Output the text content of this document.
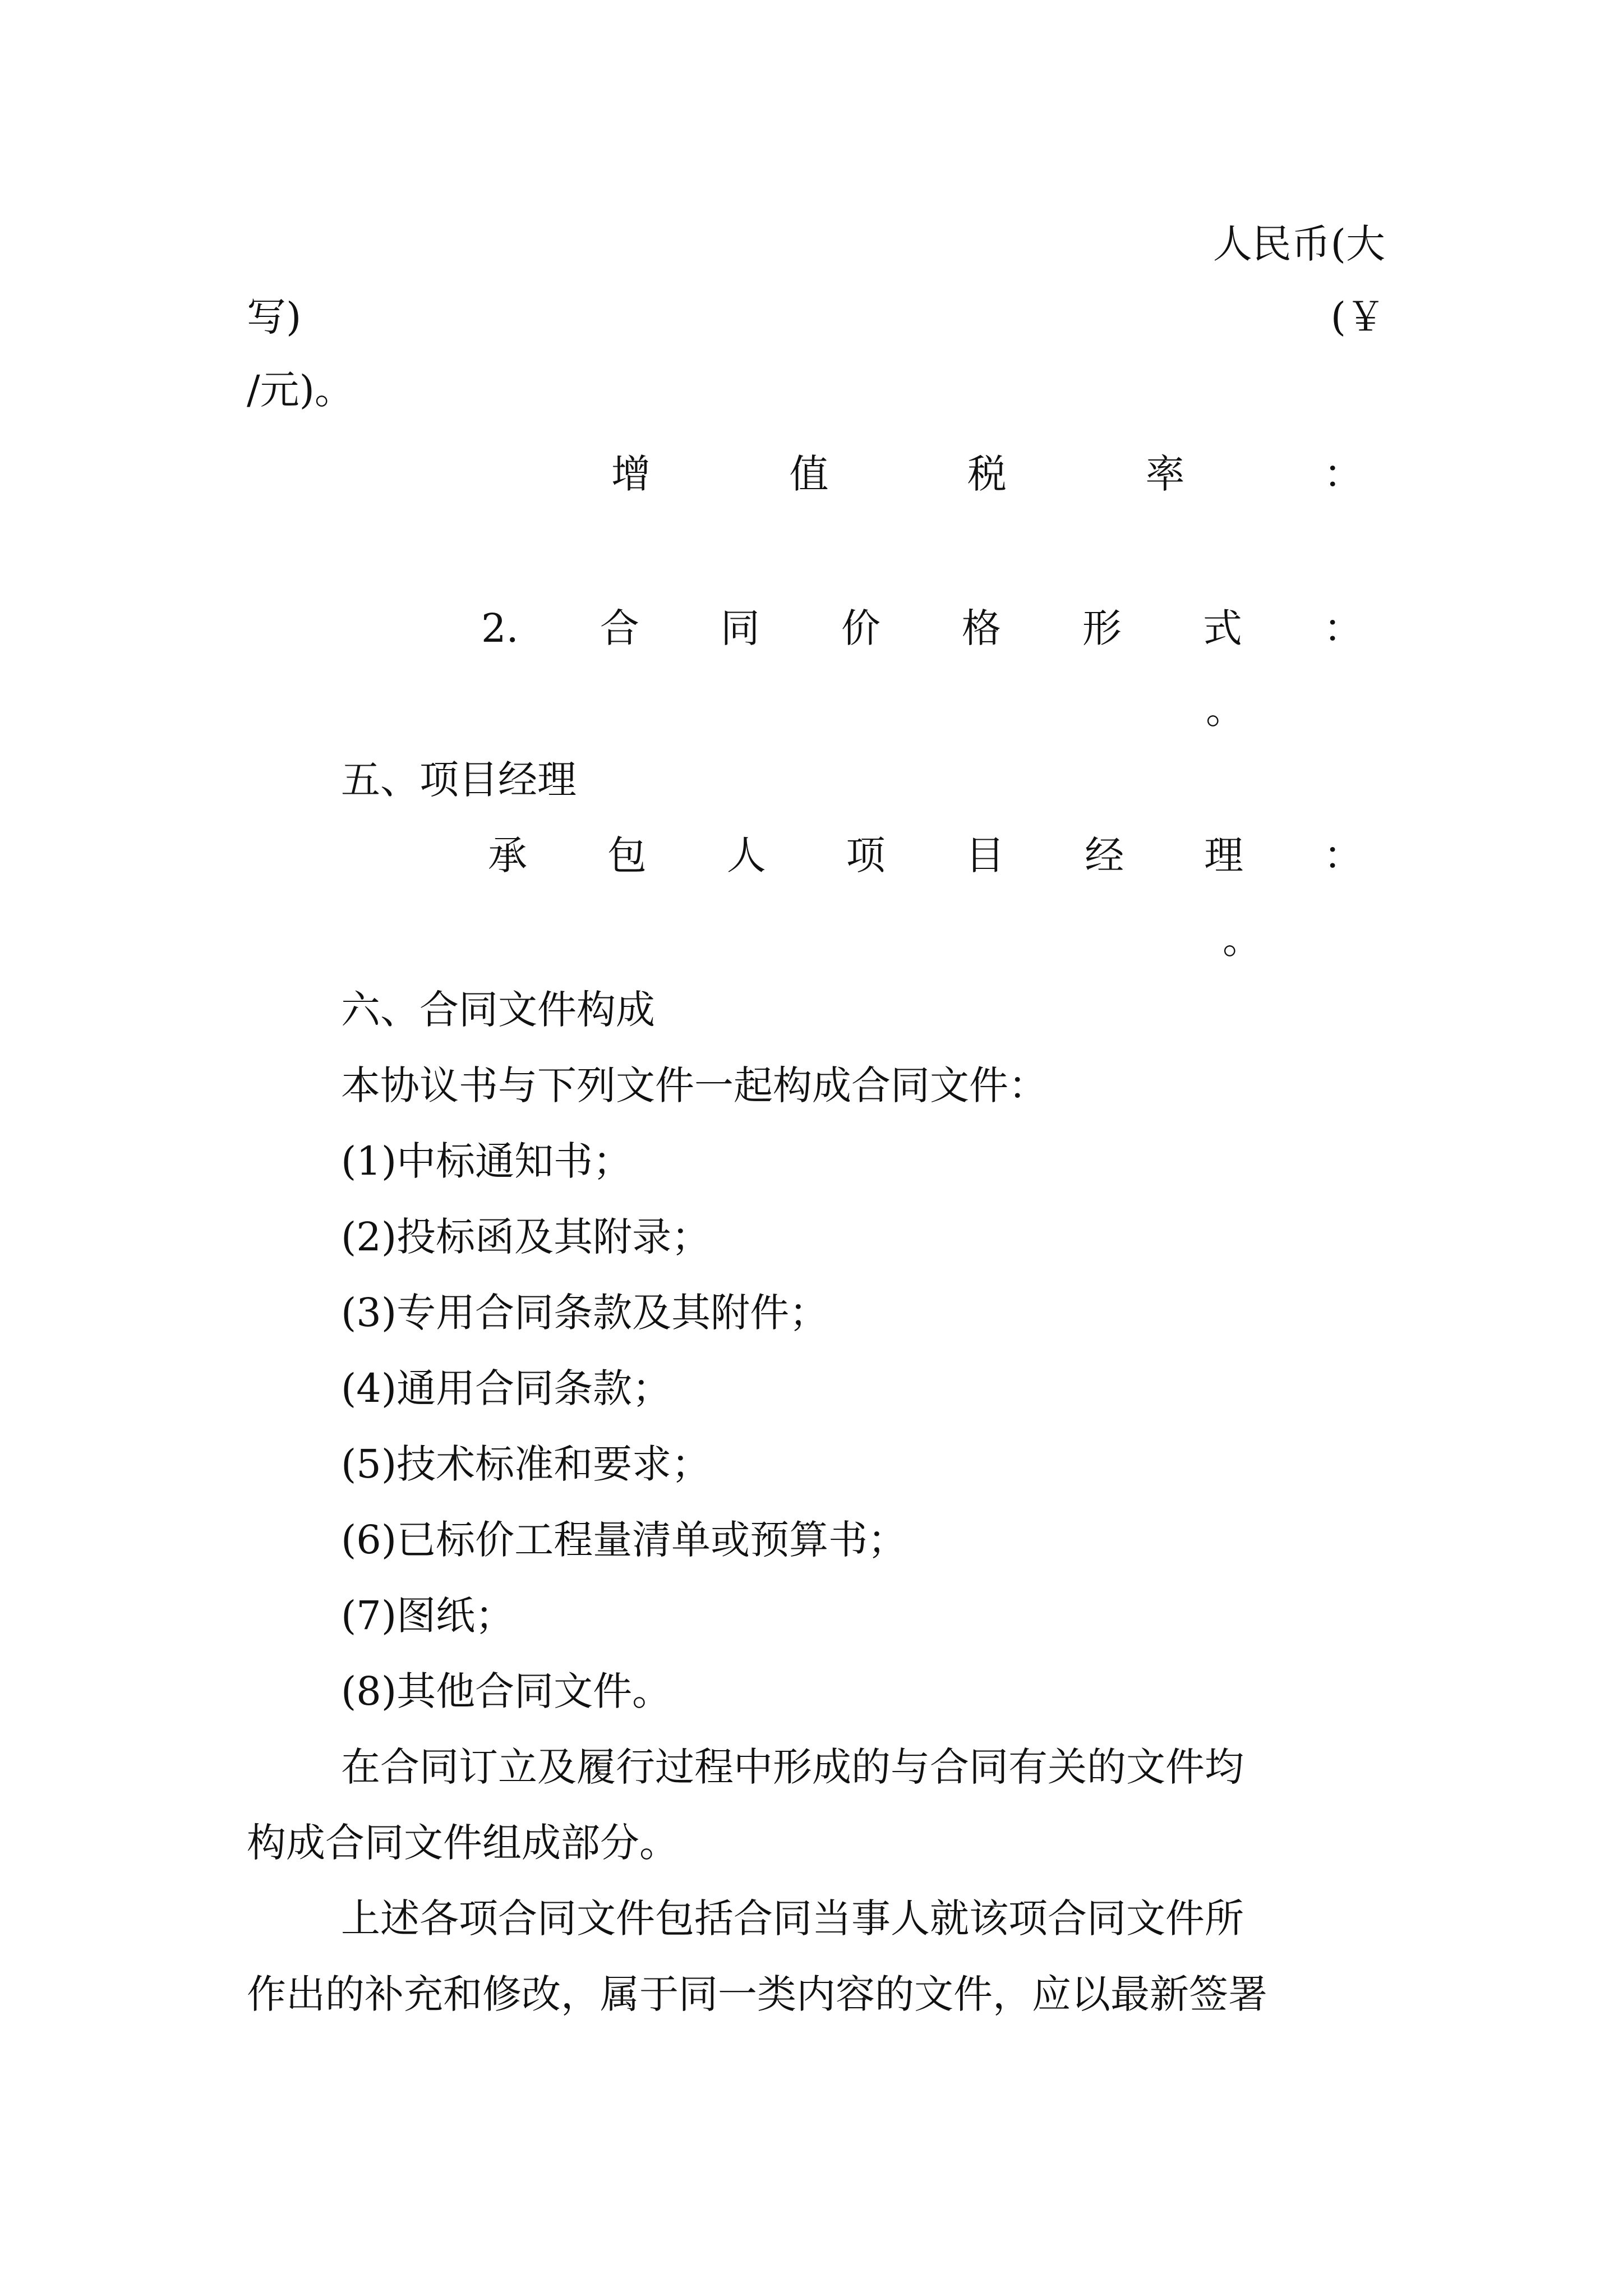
人民币(大
写)	(￥
/元)。
增	值	税	率	：
2. 合 同 价 格 形 式 ：
。
五、项目经理
承 包 人 项 目 经 理 ：
。
六、合同文件构成
本协议书与下列文件一起构成合同文件：
(1)中标通知书；
(2)投标函及其附录；
(3)专用合同条款及其附件；
(4)通用合同条款；
(5)技术标准和要求；
(6)已标价工程量清单或预算书；
(7)图纸；
(8)其他合同文件。
在合同订立及履行过程中形成的与合同有关的文件均
构成合同文件组成部分。
上述各项合同文件包括合同当事人就该项合同文件所
作出的补充和修改，属于同一类内容的文件，应以最新签署
